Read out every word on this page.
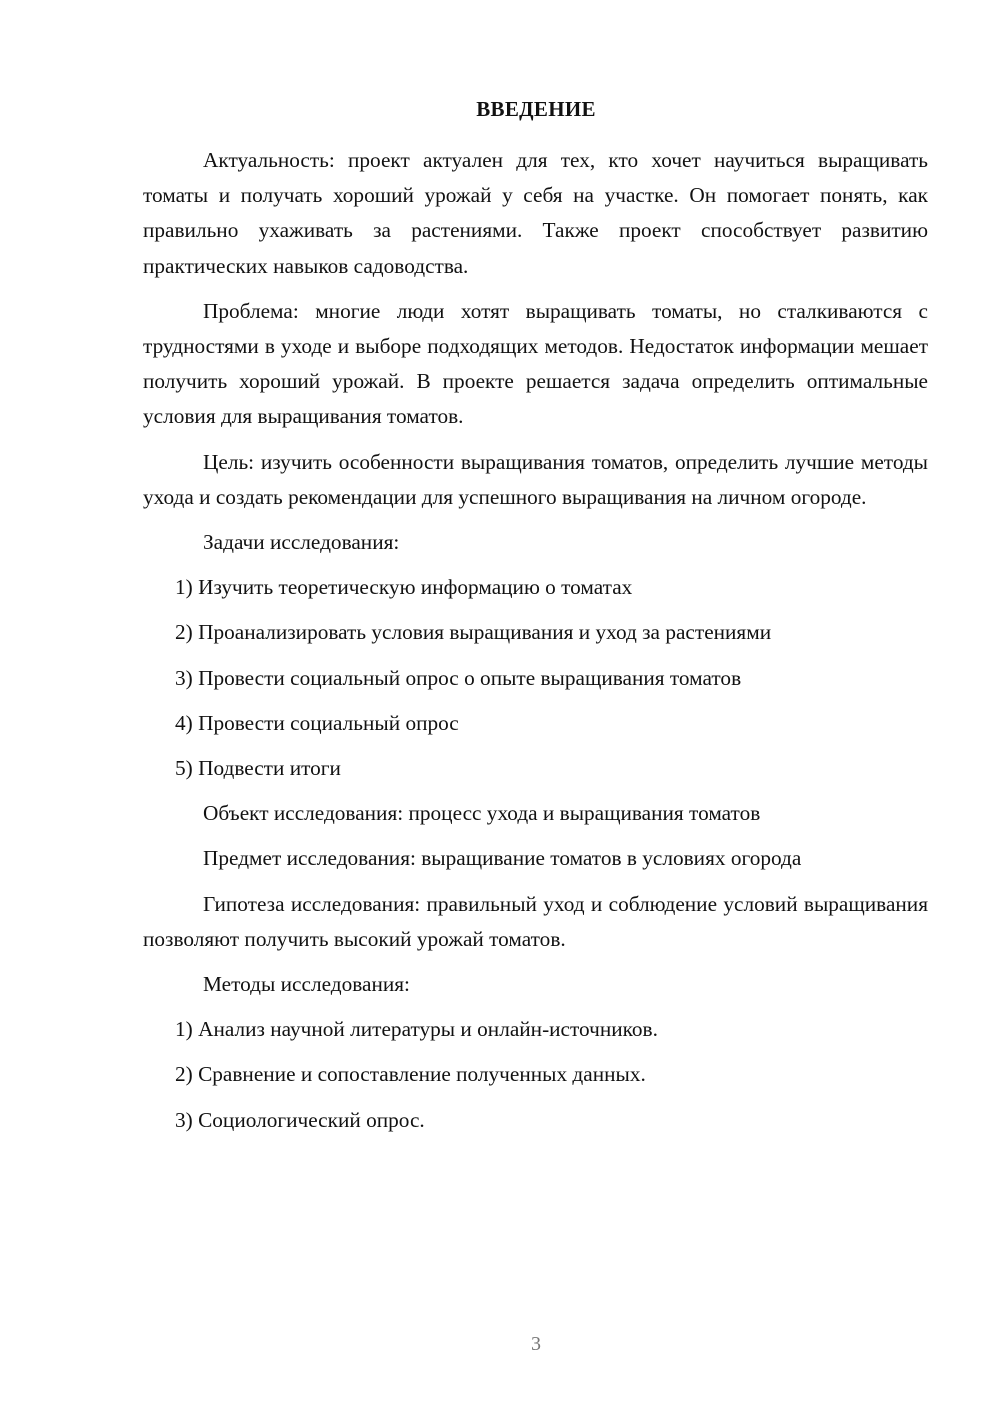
ВВЕДЕНИЕ

Актуальность: проект актуален для тех, кто хочет научиться выращивать томаты и получать хороший урожай у себя на участке. Он помогает понять, как правильно ухаживать за растениями. Также проект способствует развитию практических навыков садоводства.

Проблема: многие люди хотят выращивать томаты, но сталкиваются с трудностями в уходе и выборе подходящих методов. Недостаток информации мешает получить хороший урожай. В проекте решается задача определить оптимальные условия для выращивания томатов.

Цель: изучить особенности выращивания томатов, определить лучшие методы ухода и создать рекомендации для успешного выращивания на личном огороде.

Задачи исследования:

1) Изучить теоретическую информацию о томатах

2) Проанализировать условия выращивания и уход за растениями

3) Провести социальный опрос о опыте выращивания томатов

4) Провести социальный опрос

5) Подвести итоги

Объект исследования: процесс ухода и выращивания томатов

Предмет исследования: выращивание томатов в условиях огорода

Гипотеза исследования: правильный уход и соблюдение условий выращивания позволяют получить высокий урожай томатов.

Методы исследования:

1) Анализ научной литературы и онлайн-источников.

2) Сравнение и сопоставление полученных данных.

3) Социологический опрос.

3
